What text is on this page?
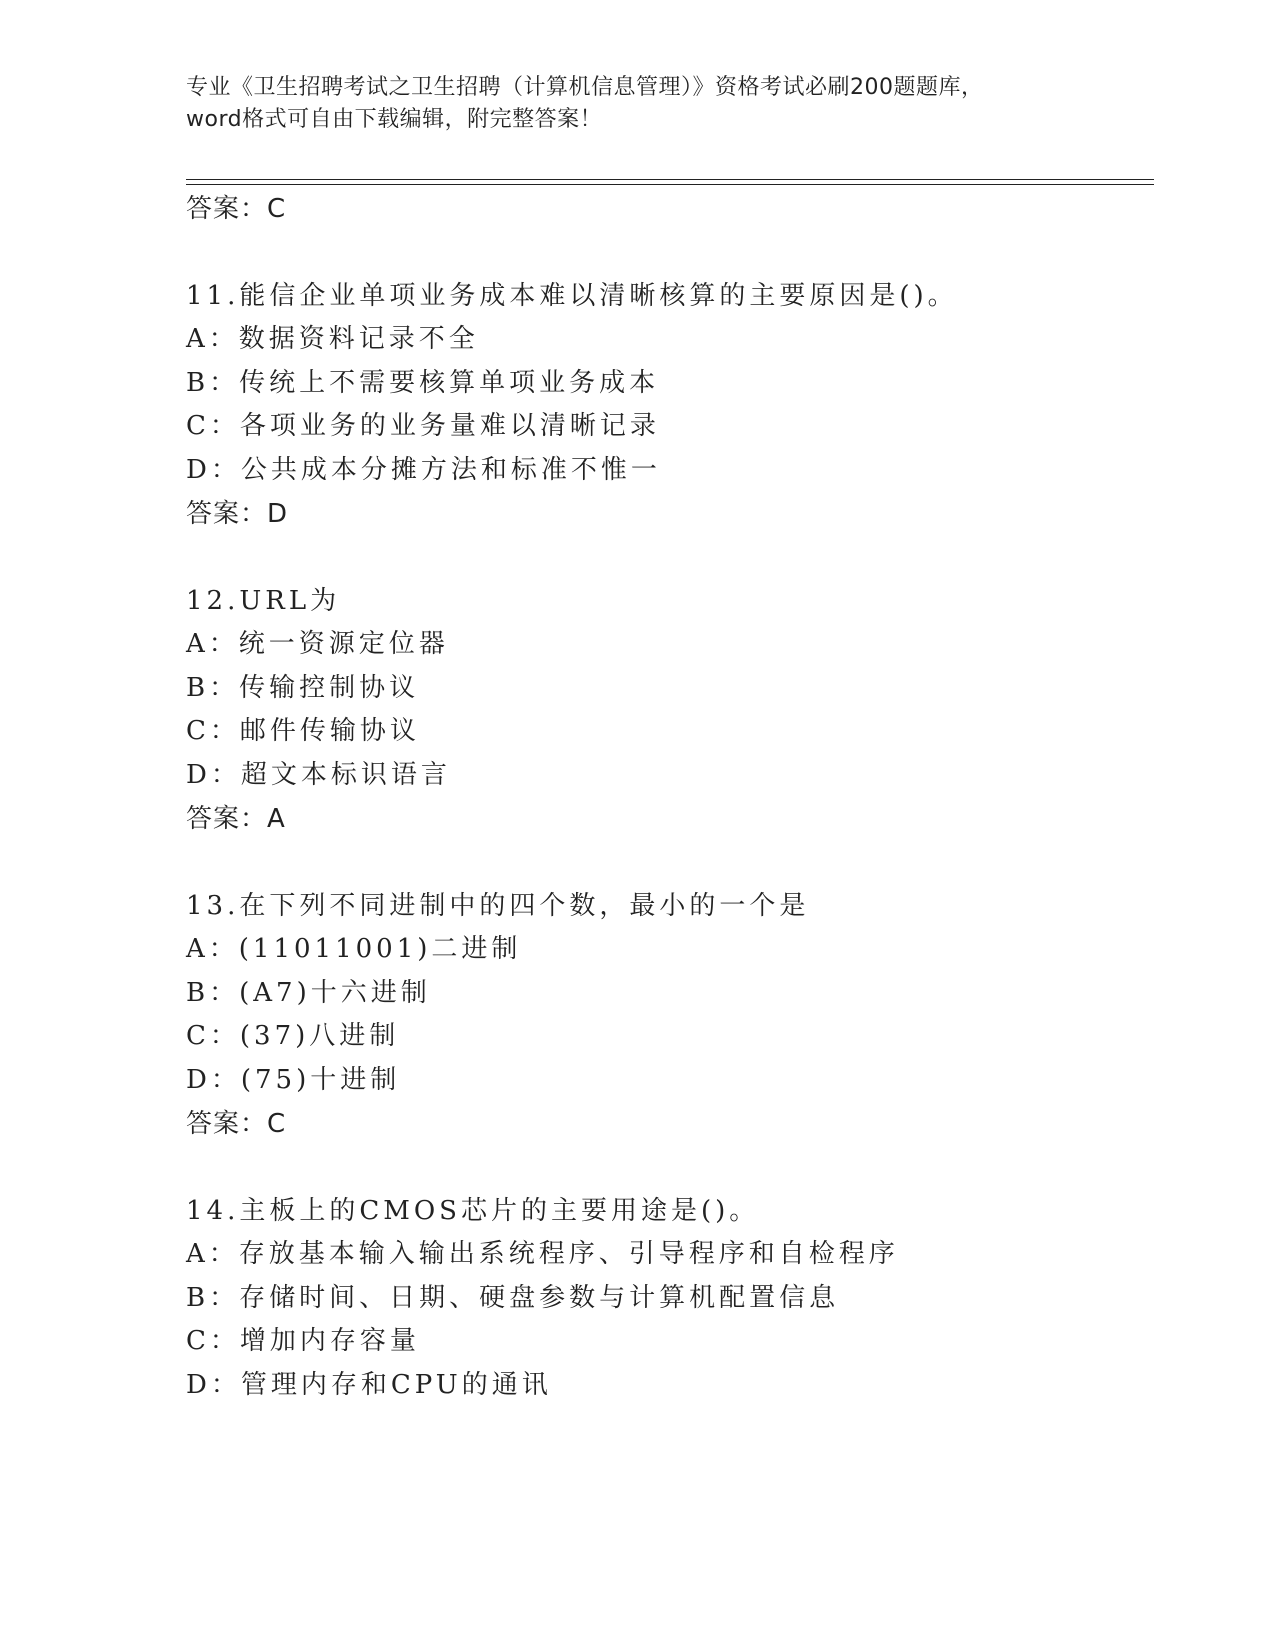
专业《卫生招聘考试之卫生招聘（计算机信息管理）》资格考试必刷200题题库，
word格式可自由下载编辑，附完整答案！
答案：C
11.能信企业单项业务成本难以清晰核算的主要原因是()。
A：数据资料记录不全
B：传统上不需要核算单项业务成本
C：各项业务的业务量难以清晰记录
D：公共成本分摊方法和标准不惟一
答案：D
12.URL为
A：统一资源定位器
B：传输控制协议
C：邮件传输协议
D：超文本标识语言
答案：A
13.在下列不同进制中的四个数，最小的一个是
A：(11011001)二进制
B：(A7)十六进制
C：(37)八进制
D：(75)十进制
答案：C
14.主板上的CMOS芯片的主要用途是()。
A：存放基本输入输出系统程序、引导程序和自检程序
B：存储时间、日期、硬盘参数与计算机配置信息
C：增加内存容量
D：管理内存和CPU的通讯
